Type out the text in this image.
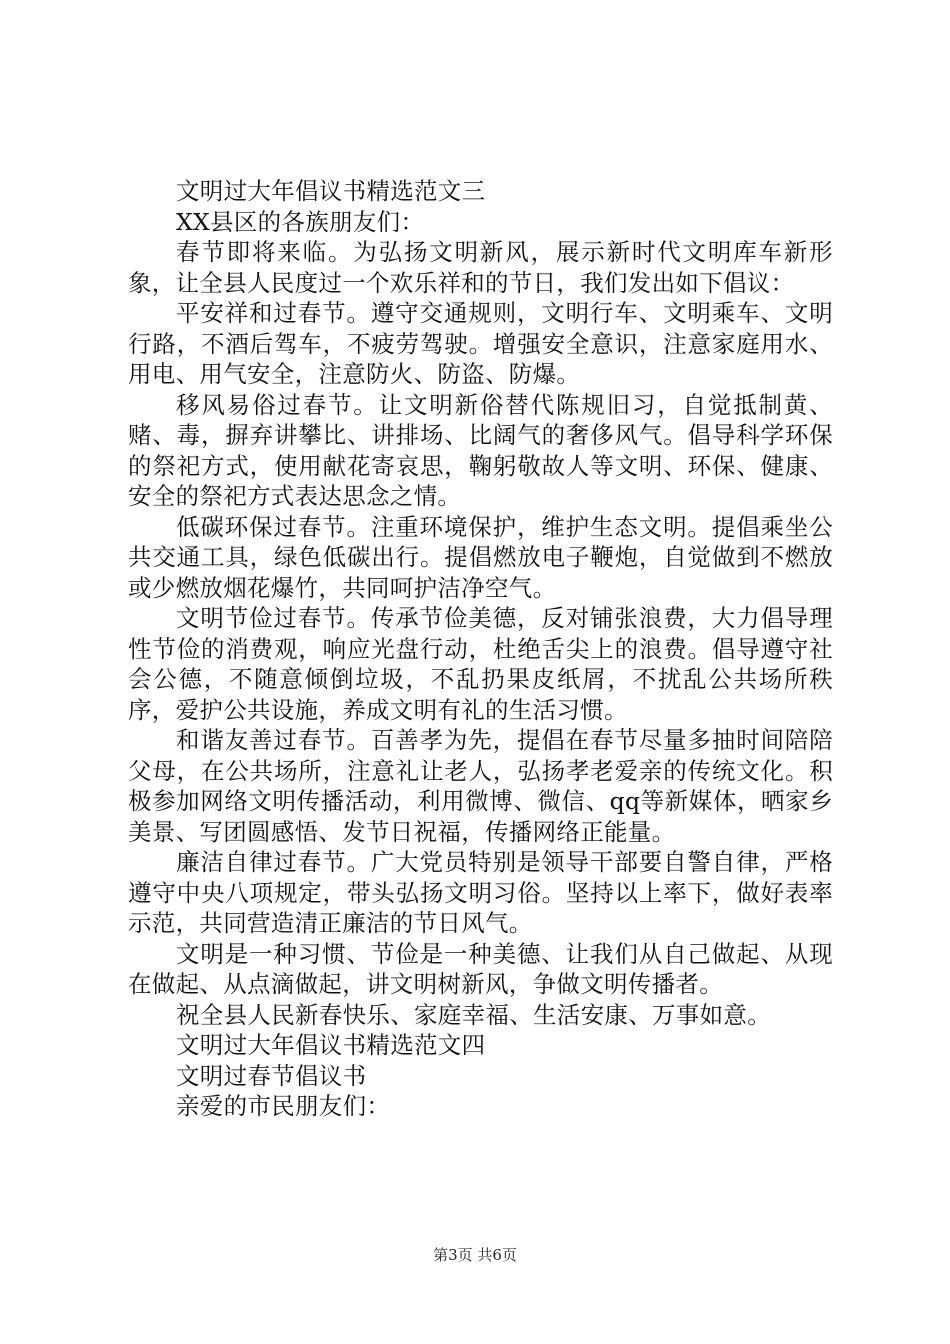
文明过大年倡议书精选范文三

XX县区的各族朋友们：

春节即将来临。为弘扬文明新风，展示新时代文明库车新形象，让全县人民度过一个欢乐祥和的节日，我们发出如下倡议：

平安祥和过春节。遵守交通规则，文明行车、文明乘车、文明行路，不酒后驾车，不疲劳驾驶。增强安全意识，注意家庭用水、用电、用气安全，注意防火、防盗、防爆。

移风易俗过春节。让文明新俗替代陈规旧习，自觉抵制黄、赌、毒，摒弃讲攀比、讲排场、比阔气的奢侈风气。倡导科学环保的祭祀方式，使用献花寄哀思，鞠躬敬故人等文明、环保、健康、安全的祭祀方式表达思念之情。

低碳环保过春节。注重环境保护，维护生态文明。提倡乘坐公共交通工具，绿色低碳出行。提倡燃放电子鞭炮，自觉做到不燃放或少燃放烟花爆竹，共同呵护洁净空气。

文明节俭过春节。传承节俭美德，反对铺张浪费，大力倡导理性节俭的消费观，响应光盘行动，杜绝舌尖上的浪费。倡导遵守社会公德，不随意倾倒垃圾，不乱扔果皮纸屑，不扰乱公共场所秩序，爱护公共设施，养成文明有礼的生活习惯。

和谐友善过春节。百善孝为先，提倡在春节尽量多抽时间陪陪父母，在公共场所，注意礼让老人，弘扬孝老爱亲的传统文化。积极参加网络文明传播活动，利用微博、微信、qq等新媒体，晒家乡美景、写团圆感悟、发节日祝福，传播网络正能量。

廉洁自律过春节。广大党员特别是领导干部要自警自律，严格遵守中央八项规定，带头弘扬文明习俗。坚持以上率下，做好表率示范，共同营造清正廉洁的节日风气。

文明是一种习惯、节俭是一种美德、让我们从自己做起、从现在做起、从点滴做起，讲文明树新风，争做文明传播者。

祝全县人民新春快乐、家庭幸福、生活安康、万事如意。

文明过大年倡议书精选范文四

文明过春节倡议书

亲爱的市民朋友们：

第3页 共6页
